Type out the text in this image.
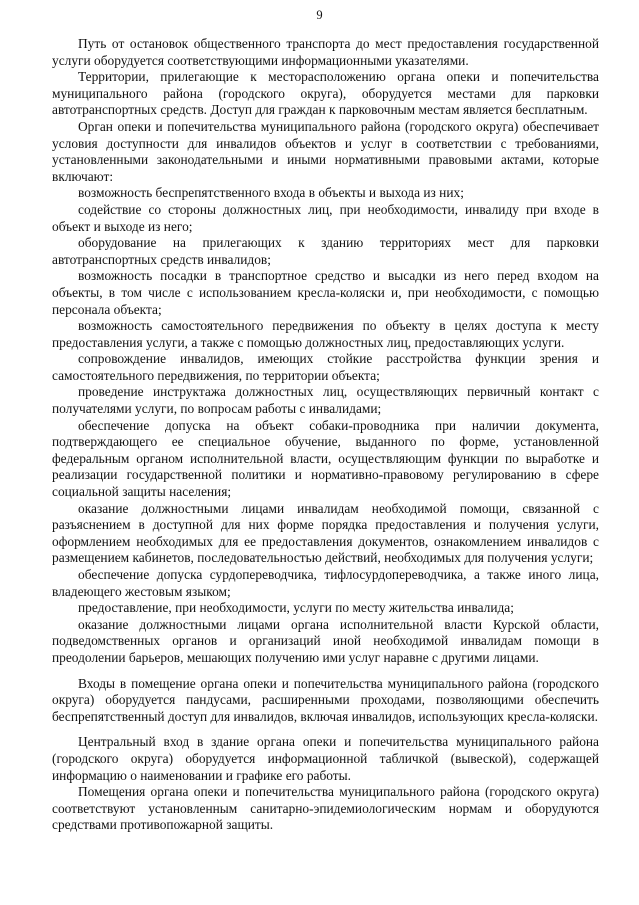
9

Путь от остановок общественного транспорта до мест предоставления государственной услуги оборудуется соответствующими информационными указателями.

Территории, прилегающие к месторасположению органа опеки и попечительства муниципального района (городского округа), оборудуется местами для парковки автотранспортных средств. Доступ для граждан к парковочным местам является бесплатным.

Орган опеки и попечительства муниципального района (городского округа) обеспечивает условия доступности для инвалидов объектов и услуг в соответствии с требованиями, установленными законодательными и иными нормативными правовыми актами, которые включают:

возможность беспрепятственного входа в объекты и выхода из них;

содействие со стороны должностных лиц, при необходимости, инвалиду при входе в объект и выходе из него;

оборудование на прилегающих к зданию территориях мест для парковки автотранспортных средств инвалидов;

возможность посадки в транспортное средство и высадки из него перед входом на объекты, в том числе с использованием кресла-коляски и, при необходимости, с помощью персонала объекта;

возможность самостоятельного передвижения по объекту в целях доступа к месту предоставления услуги, а также с помощью должностных лиц, предоставляющих услуги.

сопровождение инвалидов, имеющих стойкие расстройства функции зрения и самостоятельного передвижения, по территории объекта;

проведение инструктажа должностных лиц, осуществляющих первичный контакт с получателями услуги, по вопросам работы с инвалидами;

обеспечение допуска на объект собаки-проводника при наличии документа, подтверждающего ее специальное обучение, выданного по форме, установленной федеральным органом исполнительной власти, осуществляющим функции по выработке и реализации государственной политики и нормативно-правовому регулированию в сфере социальной защиты населения;

оказание должностными лицами инвалидам необходимой помощи, связанной с разъяснением в доступной для них форме порядка предоставления и получения услуги, оформлением необходимых для ее предоставления документов, ознакомлением инвалидов с размещением кабинетов, последовательностью действий, необходимых для получения услуги;

обеспечение допуска сурдопереводчика, тифлосурдопереводчика, а также иного лица, владеющего жестовым языком;

предоставление, при необходимости, услуги по месту жительства инвалида;

оказание должностными лицами органа исполнительной власти Курской области, подведомственных органов и организаций иной необходимой инвалидам помощи в преодолении барьеров, мешающих получению ими услуг наравне с другими лицами.

Входы в помещение органа опеки и попечительства муниципального района (городского округа) оборудуется пандусами, расширенными проходами, позволяющими обеспечить беспрепятственный доступ для инвалидов, включая инвалидов, использующих кресла-коляски.

Центральный вход в здание органа опеки и попечительства муниципального района (городского округа) оборудуется информационной табличкой (вывеской), содержащей информацию о наименовании и графике его работы.

Помещения органа опеки и попечительства муниципального района (городского округа) соответствуют установленным санитарно-эпидемиологическим нормам и оборудуются средствами противопожарной защиты.
